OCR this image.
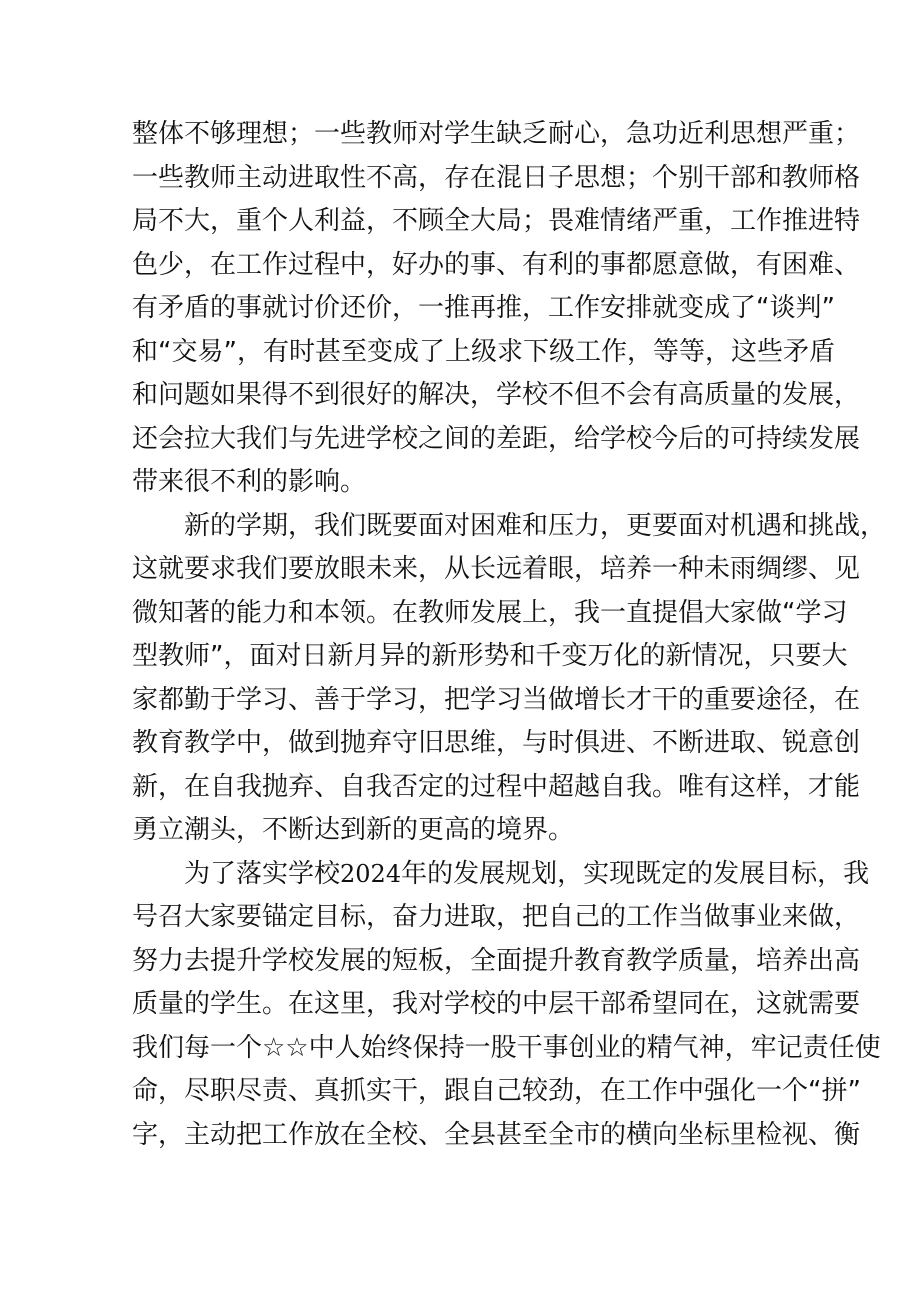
整体不够理想；一些教师对学生缺乏耐心，急功近利思想严重；
一些教师主动进取性不高，存在混日子思想；个别干部和教师格
局不大，重个人利益，不顾全大局；畏难情绪严重，工作推进特
色少，在工作过程中，好办的事、有利的事都愿意做，有困难、
有矛盾的事就讨价还价，一推再推，工作安排就变成了“谈判”
和“交易”，有时甚至变成了上级求下级工作，等等，这些矛盾
和问题如果得不到很好的解决，学校不但不会有高质量的发展，
还会拉大我们与先进学校之间的差距，给学校今后的可持续发展
带来很不利的影响。
新的学期，我们既要面对困难和压力，更要面对机遇和挑战，
这就要求我们要放眼未来，从长远着眼，培养一种未雨绸缪、见
微知著的能力和本领。在教师发展上，我一直提倡大家做“学习
型教师”，面对日新月异的新形势和千变万化的新情况，只要大
家都勤于学习、善于学习，把学习当做增长才干的重要途径，在
教育教学中，做到抛弃守旧思维，与时俱进、不断进取、锐意创
新，在自我抛弃、自我否定的过程中超越自我。唯有这样，才能
勇立潮头，不断达到新的更高的境界。
为了落实学校2024年的发展规划，实现既定的发展目标，我
号召大家要锚定目标，奋力进取，把自己的工作当做事业来做，
努力去提升学校发展的短板，全面提升教育教学质量，培养出高
质量的学生。在这里，我对学校的中层干部希望同在，这就需要
我们每一个☆☆中人始终保持一股干事创业的精气神，牢记责任使
命，尽职尽责、真抓实干，跟自己较劲，在工作中强化一个“拼”
字，主动把工作放在全校、全县甚至全市的横向坐标里检视、衡
